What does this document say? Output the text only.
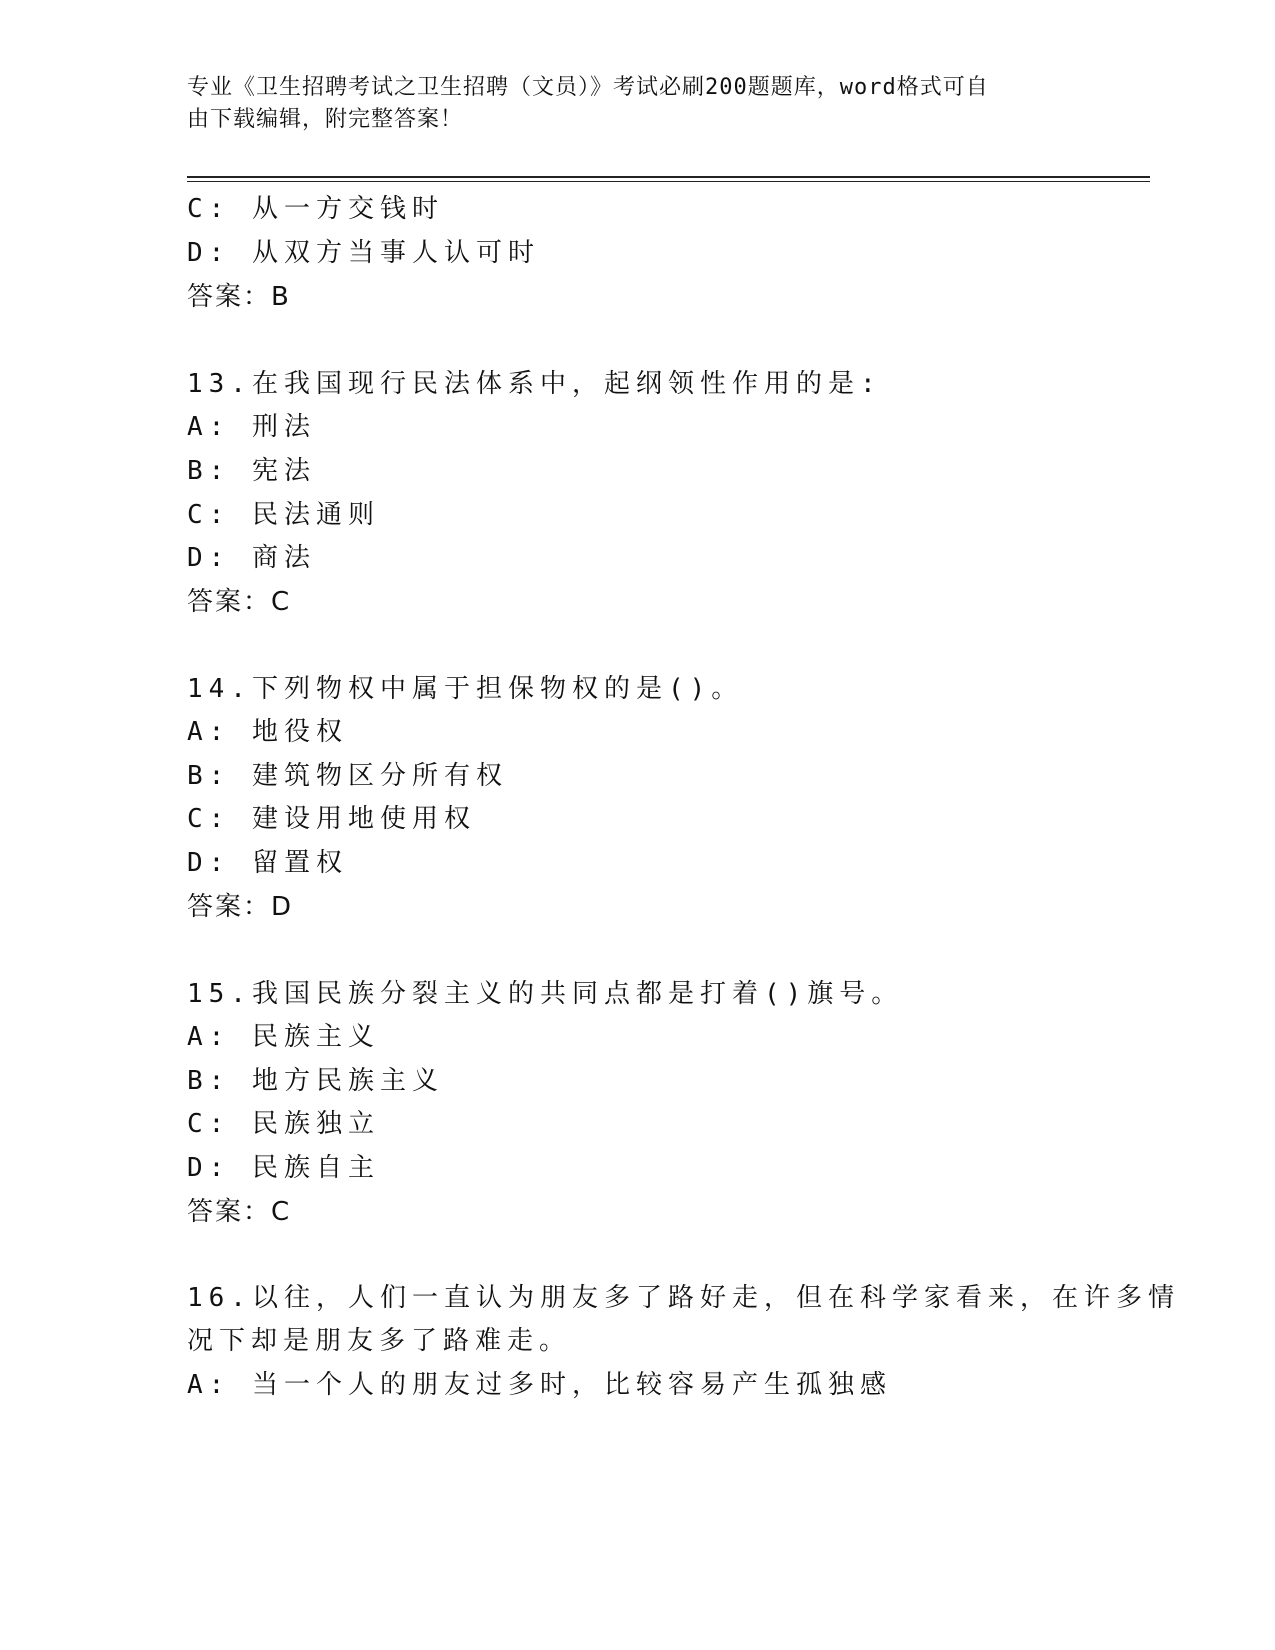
专业《卫生招聘考试之卫生招聘（文员）》考试必刷200题题库，word格式可自
由下载编辑，附完整答案！
C: 从一方交钱时
D: 从双方当事人认可时
答案：B
13.在我国现行民法体系中，起纲领性作用的是:
A: 刑法
B: 宪法
C: 民法通则
D: 商法
答案：C
14.下列物权中属于担保物权的是()。
A: 地役权
B: 建筑物区分所有权
C: 建设用地使用权
D: 留置权
答案：D
15.我国民族分裂主义的共同点都是打着()旗号。
A: 民族主义
B: 地方民族主义
C: 民族独立
D: 民族自主
答案：C
16.以往，人们一直认为朋友多了路好走，但在科学家看来，在许多情
况下却是朋友多了路难走。
A: 当一个人的朋友过多时，比较容易产生孤独感
